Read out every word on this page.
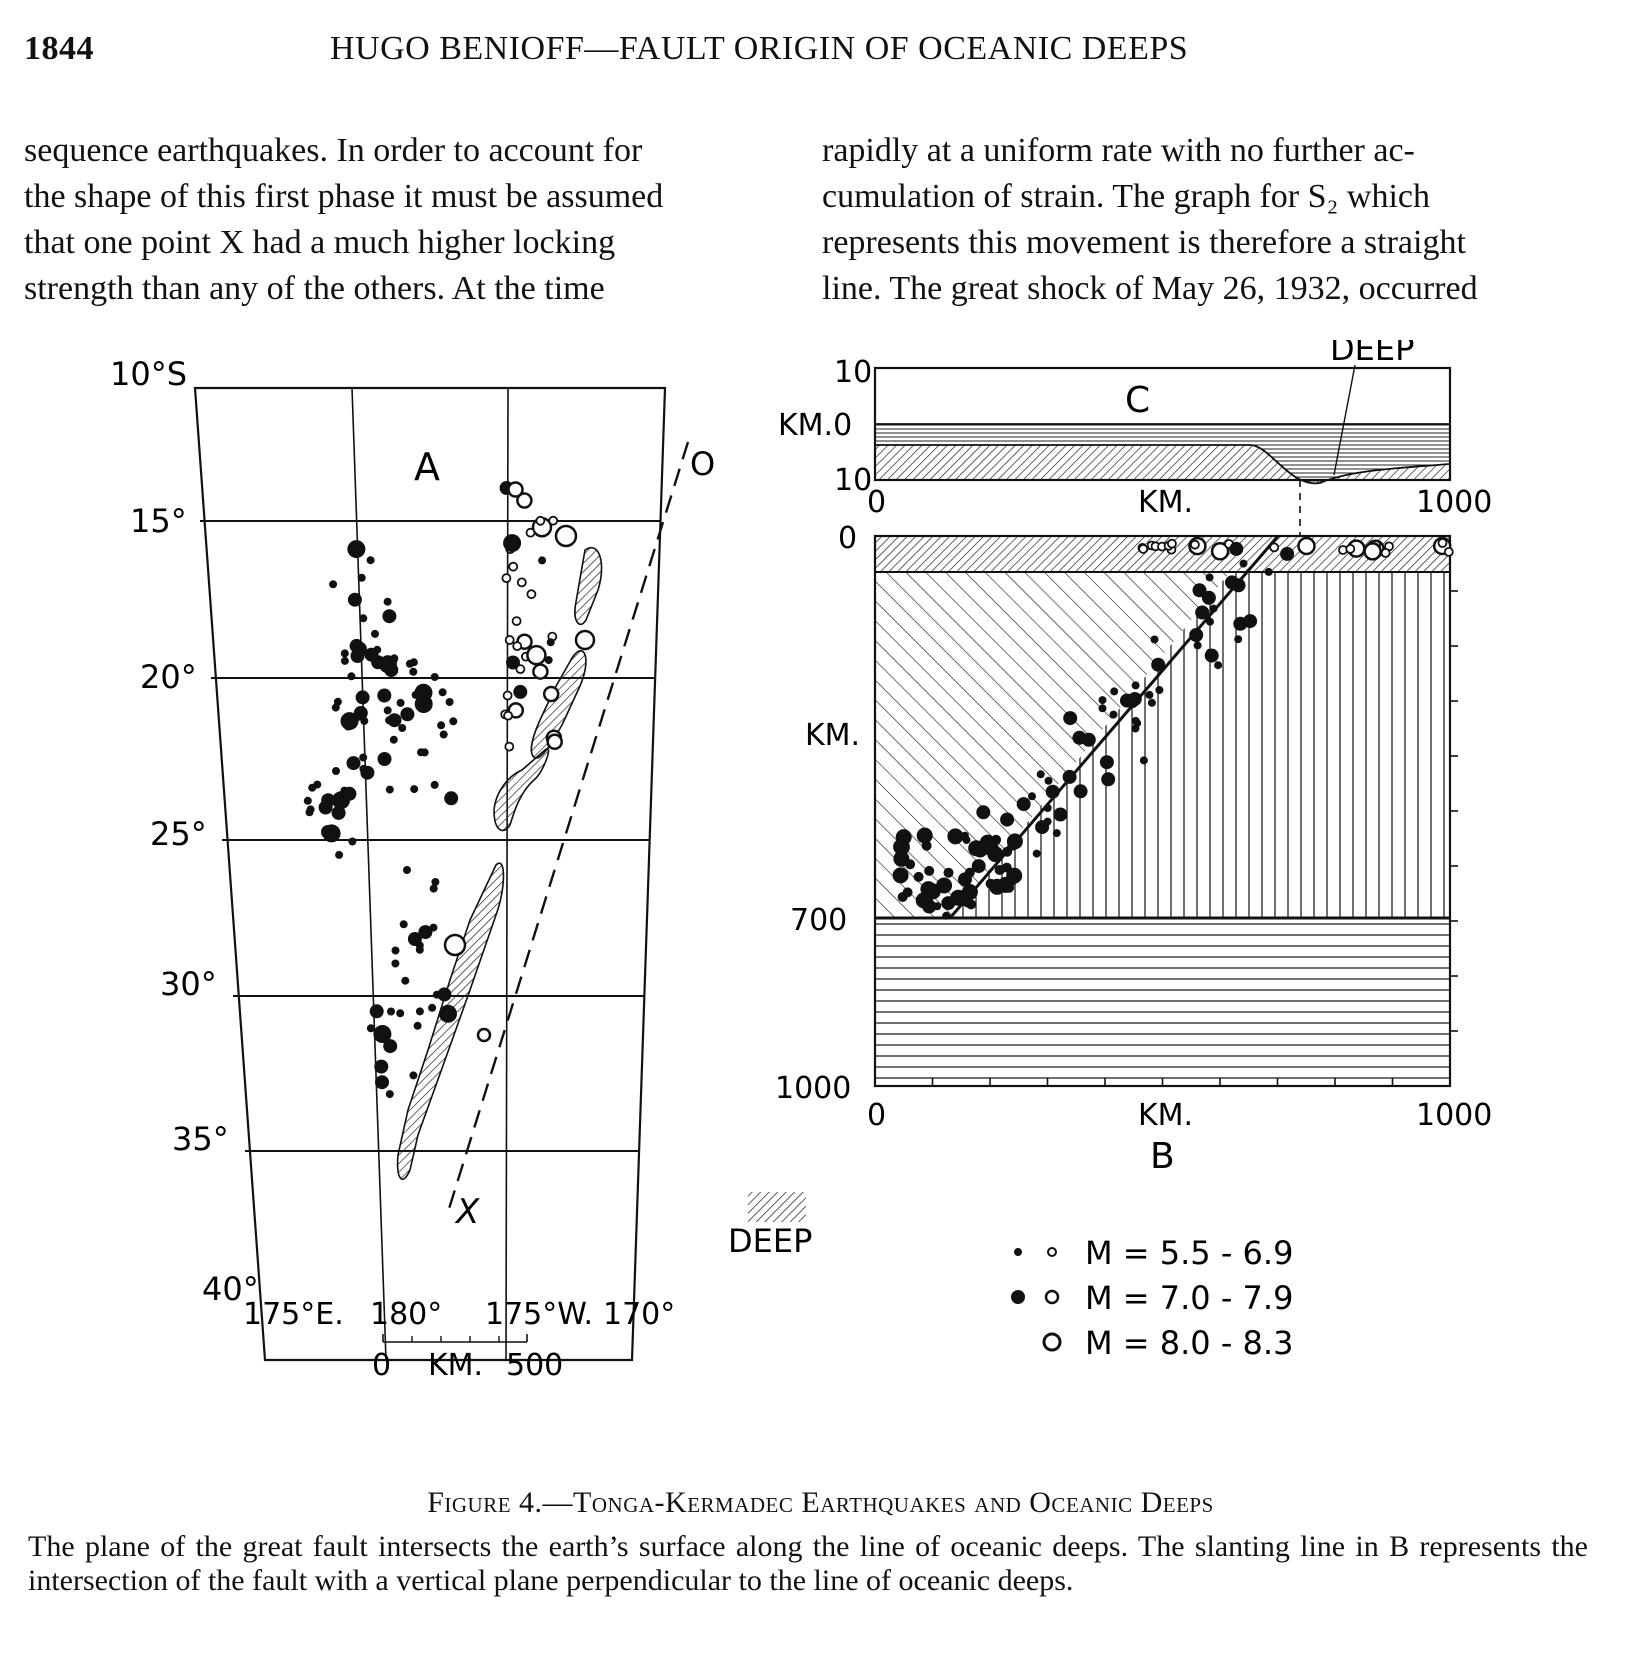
1844	HUGO BENIOFF—FAULT ORIGIN OF OCEANIC DEEPS
sequence earthquakes. In order to account for
the shape of this first phase it must be assumed
that one point X had a much higher locking
strength than any of the others. At the time
rapidly at a uniform rate with no further ac-
cumulation of strain. The graph for S₂ which
represents this movement is therefore a straight
line. The great shock of May 26, 1932, occurred
A	O
X
10°S
15°
20°
25°
30°
35°
40°
175°E. 180° 175°W. 170°
0 KM. 500
DEEP
C
10
KM.0
10
0	KM.	1000
0
KM.
700
1000
0	KM.	1000
B
DEEP	M = 5.5 - 6.9
M = 7.0 - 7.9
M = 8.0 - 8.3
Figure 4.—Tonga-Kermadec Earthquakes and Oceanic Deeps
The plane of the great fault intersects the earth’s surface along the line of oceanic deeps. The slanting line in B represents the intersection of the fault with a vertical plane perpendicular to the line of oceanic deeps.
